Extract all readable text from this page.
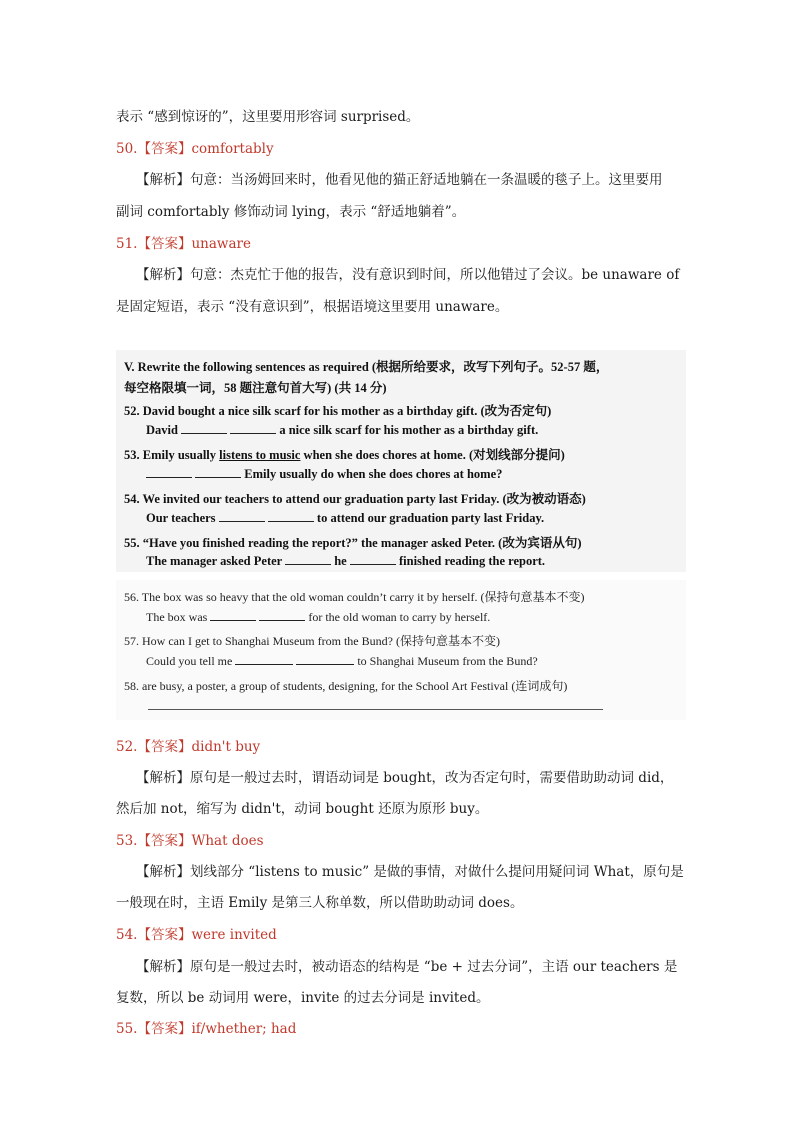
表示 “感到惊讶的”，这里要用形容词 surprised。

50.【答案】comfortably

【解析】句意：当汤姆回来时，他看见他的猫正舒适地躺在一条温暖的毯子上。这里要用

副词 comfortably 修饰动词 lying，表示 “舒适地躺着”。

51.【答案】unaware

【解析】句意：杰克忙于他的报告，没有意识到时间，所以他错过了会议。be unaware of

是固定短语，表示 “没有意识到”，根据语境这里要用 unaware。

V. Rewrite the following sentences as required (根据所给要求，改写下列句子。52-57 题，

每空格限填一词，58 题注意句首大写) (共 14 分)

52. David bought a nice silk scarf for his mother as a birthday gift. (改为否定句)

David	a nice silk scarf for his mother as a birthday gift.

53. Emily usually listens to music when she does chores at home. (对划线部分提问)

Emily usually do when she does chores at home?

54. We invited our teachers to attend our graduation party last Friday. (改为被动语态)

Our teachers	to attend our graduation party last Friday.

55. “Have you finished reading the report?” the manager asked Peter. (改为宾语从句)

The manager asked Peter	he	finished reading the report.

56. The box was so heavy that the old woman couldn’t carry it by herself. (保持句意基本不变)

The box was	for the old woman to carry by herself.

57. How can I get to Shanghai Museum from the Bund? (保持句意基本不变)

Could you tell me	to Shanghai Museum from the Bund?

58. are busy, a poster, a group of students, designing, for the School Art Festival (连词成句)

52.【答案】didn't buy

【解析】原句是一般过去时，谓语动词是 bought，改为否定句时，需要借助助动词 did，

然后加 not，缩写为 didn't，动词 bought 还原为原形 buy。

53.【答案】What does

【解析】划线部分 “listens to music” 是做的事情，对做什么提问用疑问词 What，原句是

一般现在时，主语 Emily 是第三人称单数，所以借助助动词 does。

54.【答案】were invited

【解析】原句是一般过去时，被动语态的结构是 “be + 过去分词”，主语 our teachers 是

复数，所以 be 动词用 were，invite 的过去分词是 invited。

55.【答案】if/whether; had
